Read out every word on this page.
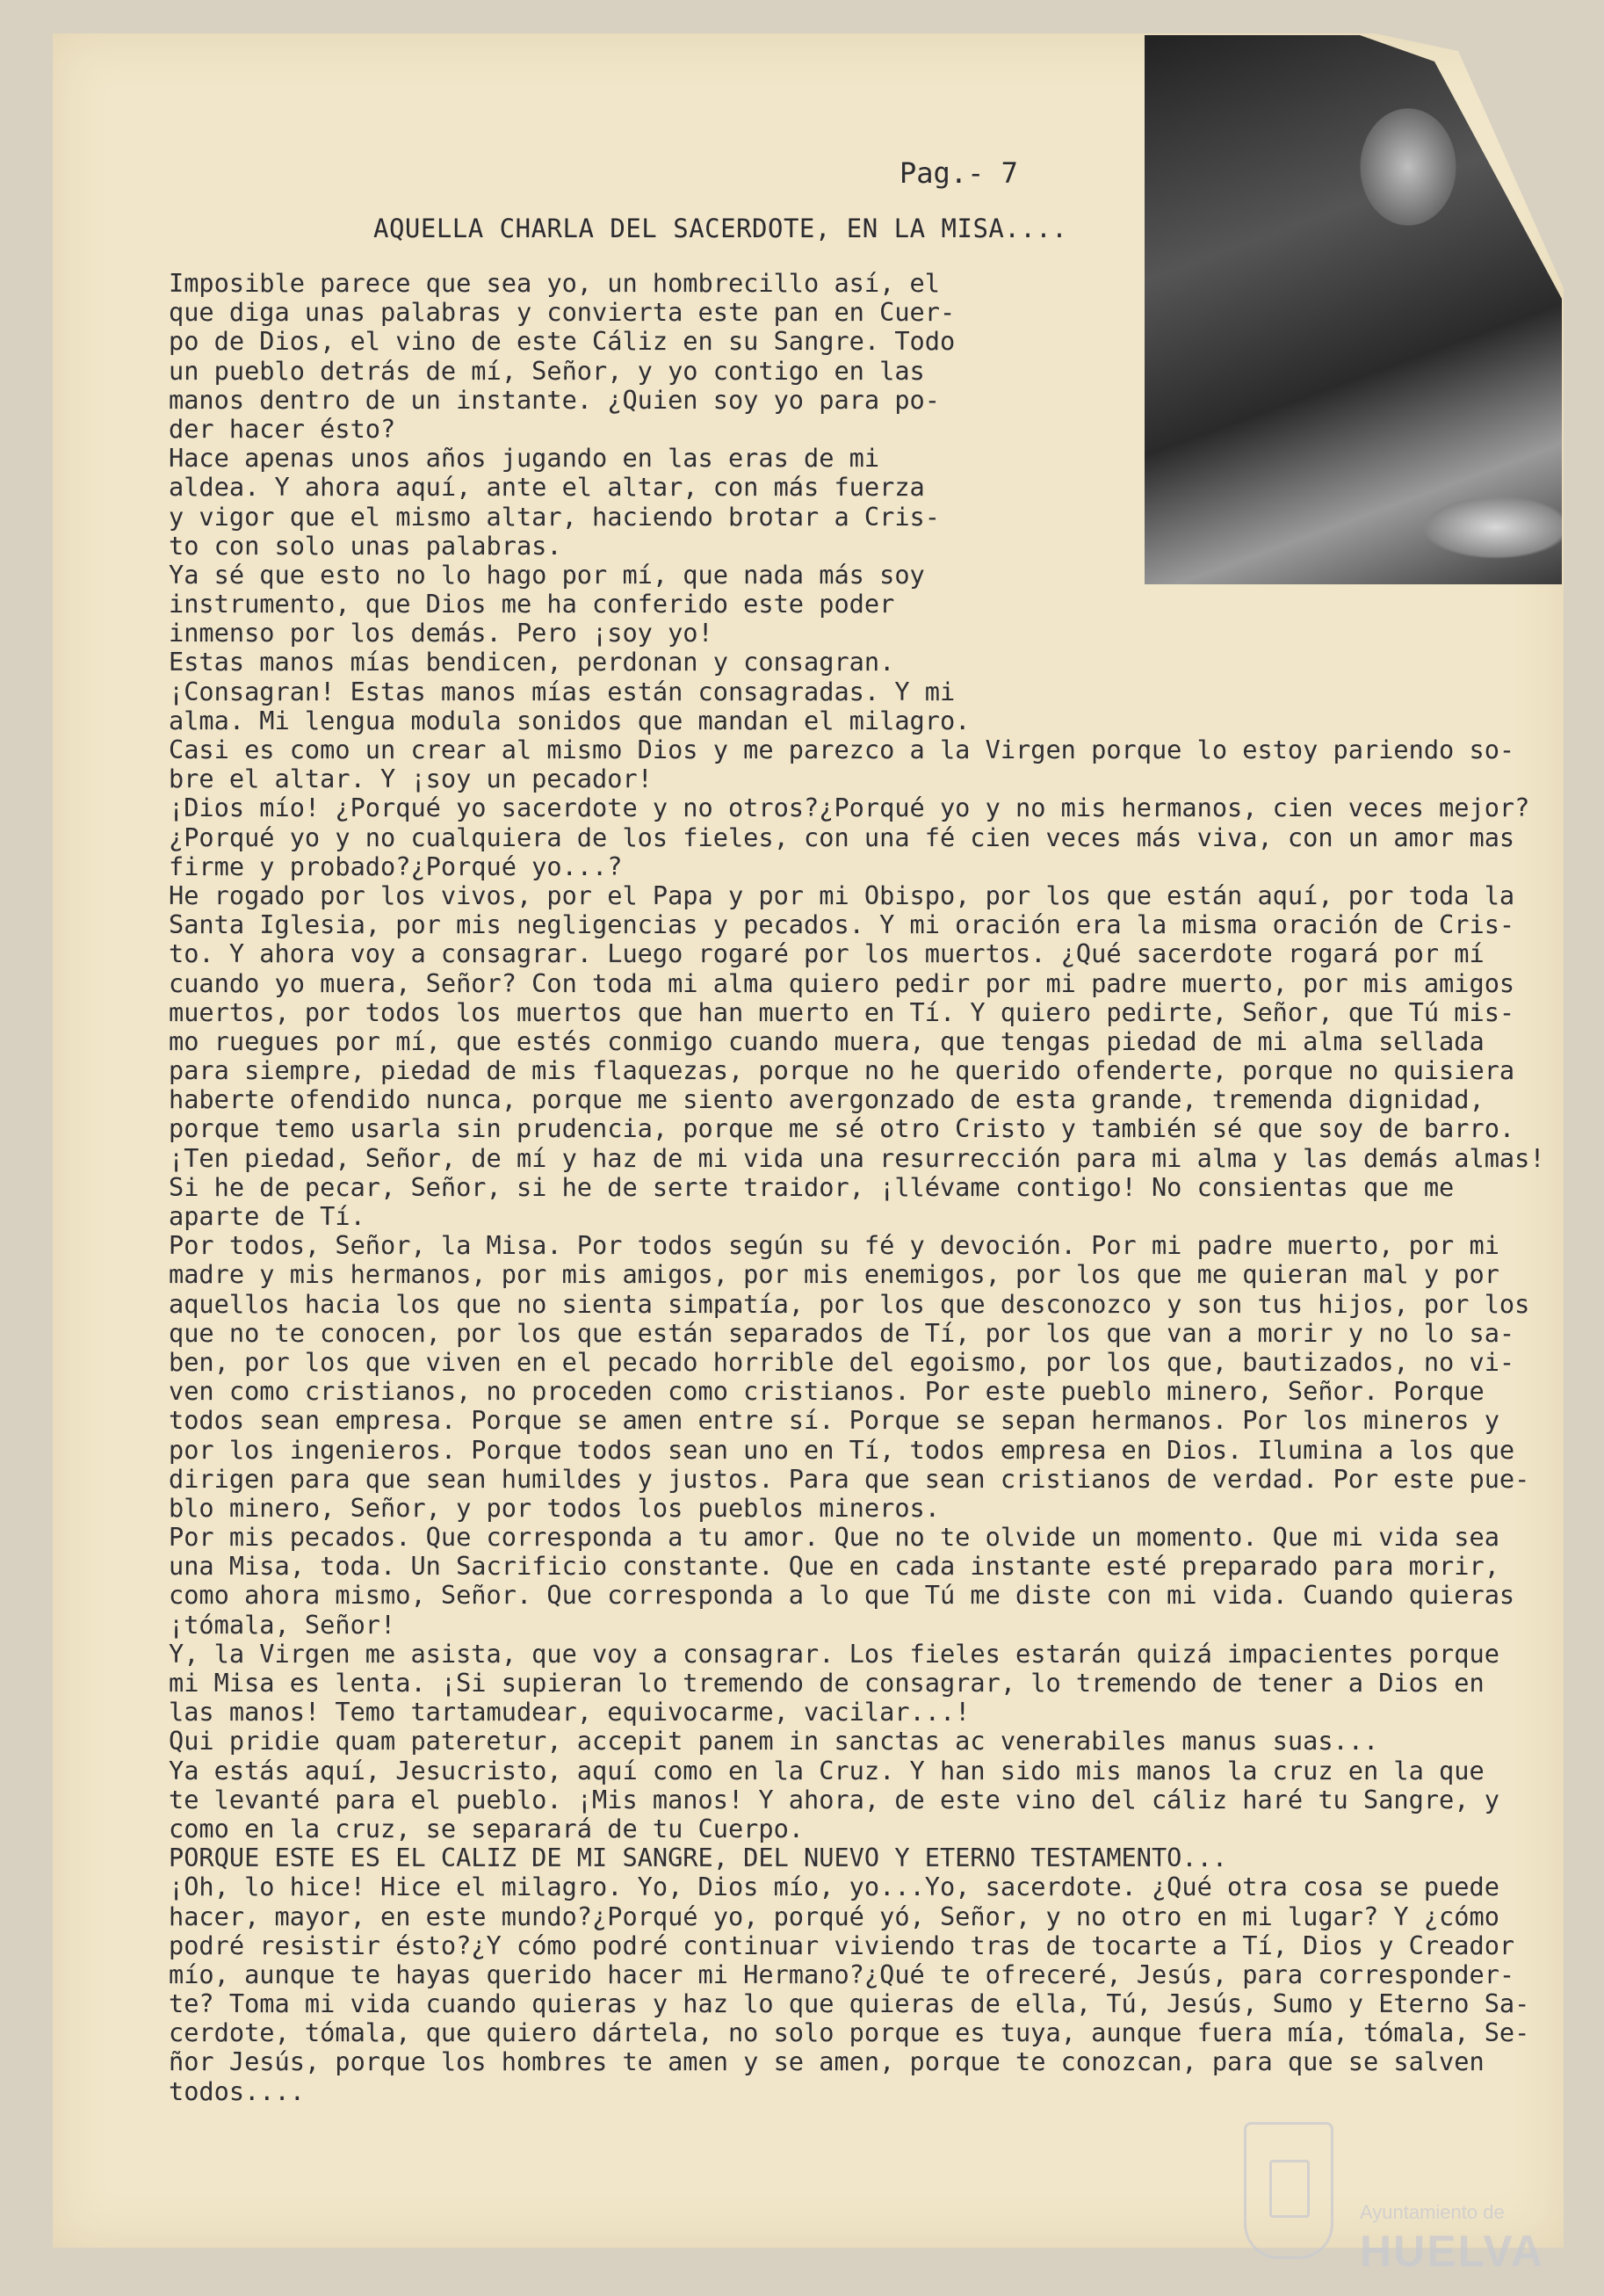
Pag.- 7
AQUELLA CHARLA DEL SACERDOTE, EN LA MISA....
Imposible parece que sea yo, un hombrecillo así, el
que diga unas palabras y convierta este pan en Cuer-
po de Dios, el vino de este Cáliz en su Sangre. Todo
un pueblo detrás de mí, Señor, y yo contigo en las
manos dentro de un instante. ¿Quien soy yo para po-
der hacer ésto?
Hace apenas unos años jugando en las eras de mi
aldea. Y ahora aquí, ante el altar, con más fuerza
y vigor que el mismo altar, haciendo brotar a Cris-
to con solo unas palabras.
Ya sé que esto no lo hago por mí, que nada más soy
instrumento, que Dios me ha conferido este poder
inmenso por los demás. Pero ¡soy yo!
Estas manos mías bendicen, perdonan y consagran.
¡Consagran! Estas manos mías están consagradas. Y mi
alma. Mi lengua modula sonidos que mandan el milagro.
Casi es como un crear al mismo Dios y me parezco a la Virgen porque lo estoy pariendo so-
bre el altar. Y ¡soy un pecador!
¡Dios mío! ¿Porqué yo sacerdote y no otros?¿Porqué yo y no mis hermanos, cien veces mejor?
¿Porqué yo y no cualquiera de los fieles, con una fé cien veces más viva, con un amor mas
firme y probado?¿Porqué yo...?
He rogado por los vivos, por el Papa y por mi Obispo, por los que están aquí, por toda la
Santa Iglesia, por mis negligencias y pecados. Y mi oración era la misma oración de Cris-
to. Y ahora voy a consagrar. Luego rogaré por los muertos. ¿Qué sacerdote rogará por mí
cuando yo muera, Señor? Con toda mi alma quiero pedir por mi padre muerto, por mis amigos
muertos, por todos los muertos que han muerto en Tí. Y quiero pedirte, Señor, que Tú mis-
mo ruegues por mí, que estés conmigo cuando muera, que tengas piedad de mi alma sellada
para siempre, piedad de mis flaquezas, porque no he querido ofenderte, porque no quisiera
haberte ofendido nunca, porque me siento avergonzado de esta grande, tremenda dignidad,
porque temo usarla sin prudencia, porque me sé otro Cristo y también sé que soy de barro.
¡Ten piedad, Señor, de mí y haz de mi vida una resurrección para mi alma y las demás almas!
Si he de pecar, Señor, si he de serte traidor, ¡llévame contigo! No consientas que me
aparte de Tí.
Por todos, Señor, la Misa. Por todos según su fé y devoción. Por mi padre muerto, por mi
madre y mis hermanos, por mis amigos, por mis enemigos, por los que me quieran mal y por
aquellos hacia los que no sienta simpatía, por los que desconozco y son tus hijos, por los
que no te conocen, por los que están separados de Tí, por los que van a morir y no lo sa-
ben, por los que viven en el pecado horrible del egoismo, por los que, bautizados, no vi-
ven como cristianos, no proceden como cristianos. Por este pueblo minero, Señor. Porque
todos sean empresa. Porque se amen entre sí. Porque se sepan hermanos. Por los mineros y
por los ingenieros. Porque todos sean uno en Tí, todos empresa en Dios. Ilumina a los que
dirigen para que sean humildes y justos. Para que sean cristianos de verdad. Por este pue-
blo minero, Señor, y por todos los pueblos mineros.
Por mis pecados. Que corresponda a tu amor. Que no te olvide un momento. Que mi vida sea
una Misa, toda. Un Sacrificio constante. Que en cada instante esté preparado para morir,
como ahora mismo, Señor. Que corresponda a lo que Tú me diste con mi vida. Cuando quieras
¡tómala, Señor!
Y, la Virgen me asista, que voy a consagrar. Los fieles estarán quizá impacientes porque
mi Misa es lenta. ¡Si supieran lo tremendo de consagrar, lo tremendo de tener a Dios en
las manos! Temo tartamudear, equivocarme, vacilar...!
Qui pridie quam pateretur, accepit panem in sanctas ac venerabiles manus suas...
Ya estás aquí, Jesucristo, aquí como en la Cruz. Y han sido mis manos la cruz en la que
te levanté para el pueblo. ¡Mis manos! Y ahora, de este vino del cáliz haré tu Sangre, y
como en la cruz, se separará de tu Cuerpo.
PORQUE ESTE ES EL CALIZ DE MI SANGRE, DEL NUEVO Y ETERNO TESTAMENTO...
¡Oh, lo hice! Hice el milagro. Yo, Dios mío, yo...Yo, sacerdote. ¿Qué otra cosa se puede
hacer, mayor, en este mundo?¿Porqué yo, porqué yó, Señor, y no otro en mi lugar? Y ¿cómo
podré resistir ésto?¿Y cómo podré continuar viviendo tras de tocarte a Tí, Dios y Creador
mío, aunque te hayas querido hacer mi Hermano?¿Qué te ofreceré, Jesús, para corresponder-
te? Toma mi vida cuando quieras y haz lo que quieras de ella, Tú, Jesús, Sumo y Eterno Sa-
cerdote, tómala, que quiero dártela, no solo porque es tuya, aunque fuera mía, tómala, Se-
ñor Jesús, porque los hombres te amen y se amen, porque te conozcan, para que se salven
todos....
Ayuntamiento de
HUELVA
